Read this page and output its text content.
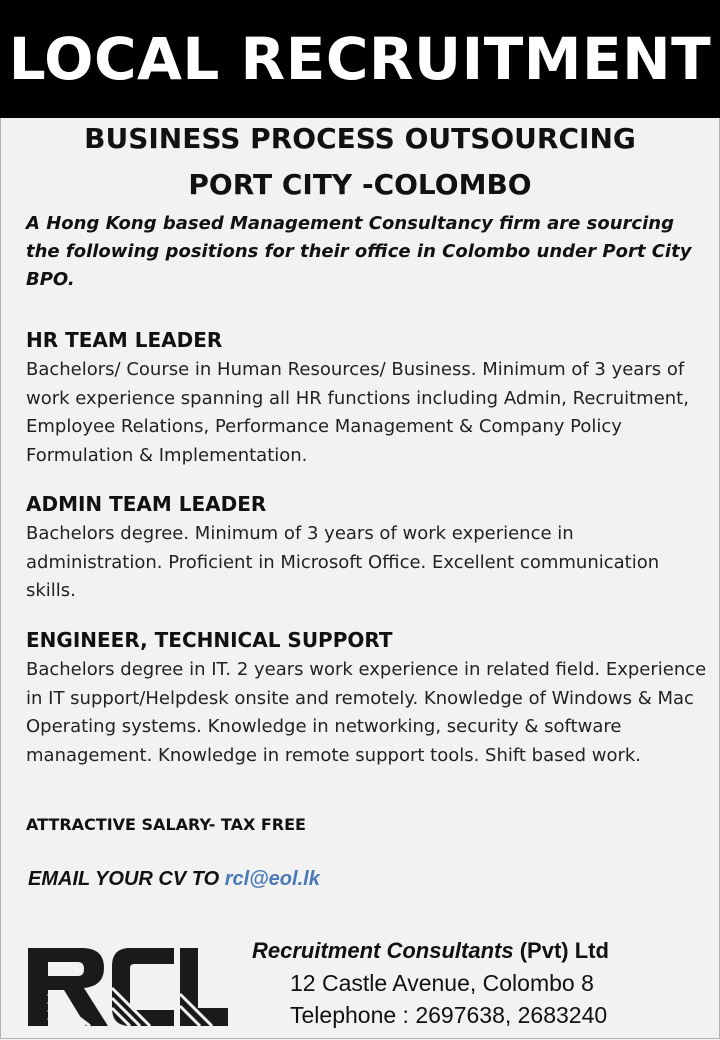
LOCAL RECRUITMENT
BUSINESS PROCESS OUTSOURCING
PORT CITY -COLOMBO
A Hong Kong based Management Consultancy firm are sourcing the following positions for their office in Colombo under Port City BPO.
HR TEAM LEADER
Bachelors/ Course in Human Resources/ Business. Minimum of 3 years of work experience spanning all HR functions including Admin, Recruitment, Employee Relations, Performance Management & Company Policy Formulation & Implementation.
ADMIN TEAM LEADER
Bachelors degree. Minimum of 3 years of work experience in administration. Proficient in Microsoft Office. Excellent communication skills.
ENGINEER, TECHNICAL SUPPORT
Bachelors degree in IT. 2 years work experience in related field. Experience in IT support/Helpdesk onsite and remotely. Knowledge of Windows & Mac Operating systems. Knowledge in networking, security & software management. Knowledge in remote support tools. Shift based work.
ATTRACTIVE SALARY- TAX FREE
EMAIL YOUR CV TO rcl@eol.lk
Recruitment Consultants (Pvt) Ltd
12 Castle Avenue, Colombo 8
Telephone : 2697638, 2683240
